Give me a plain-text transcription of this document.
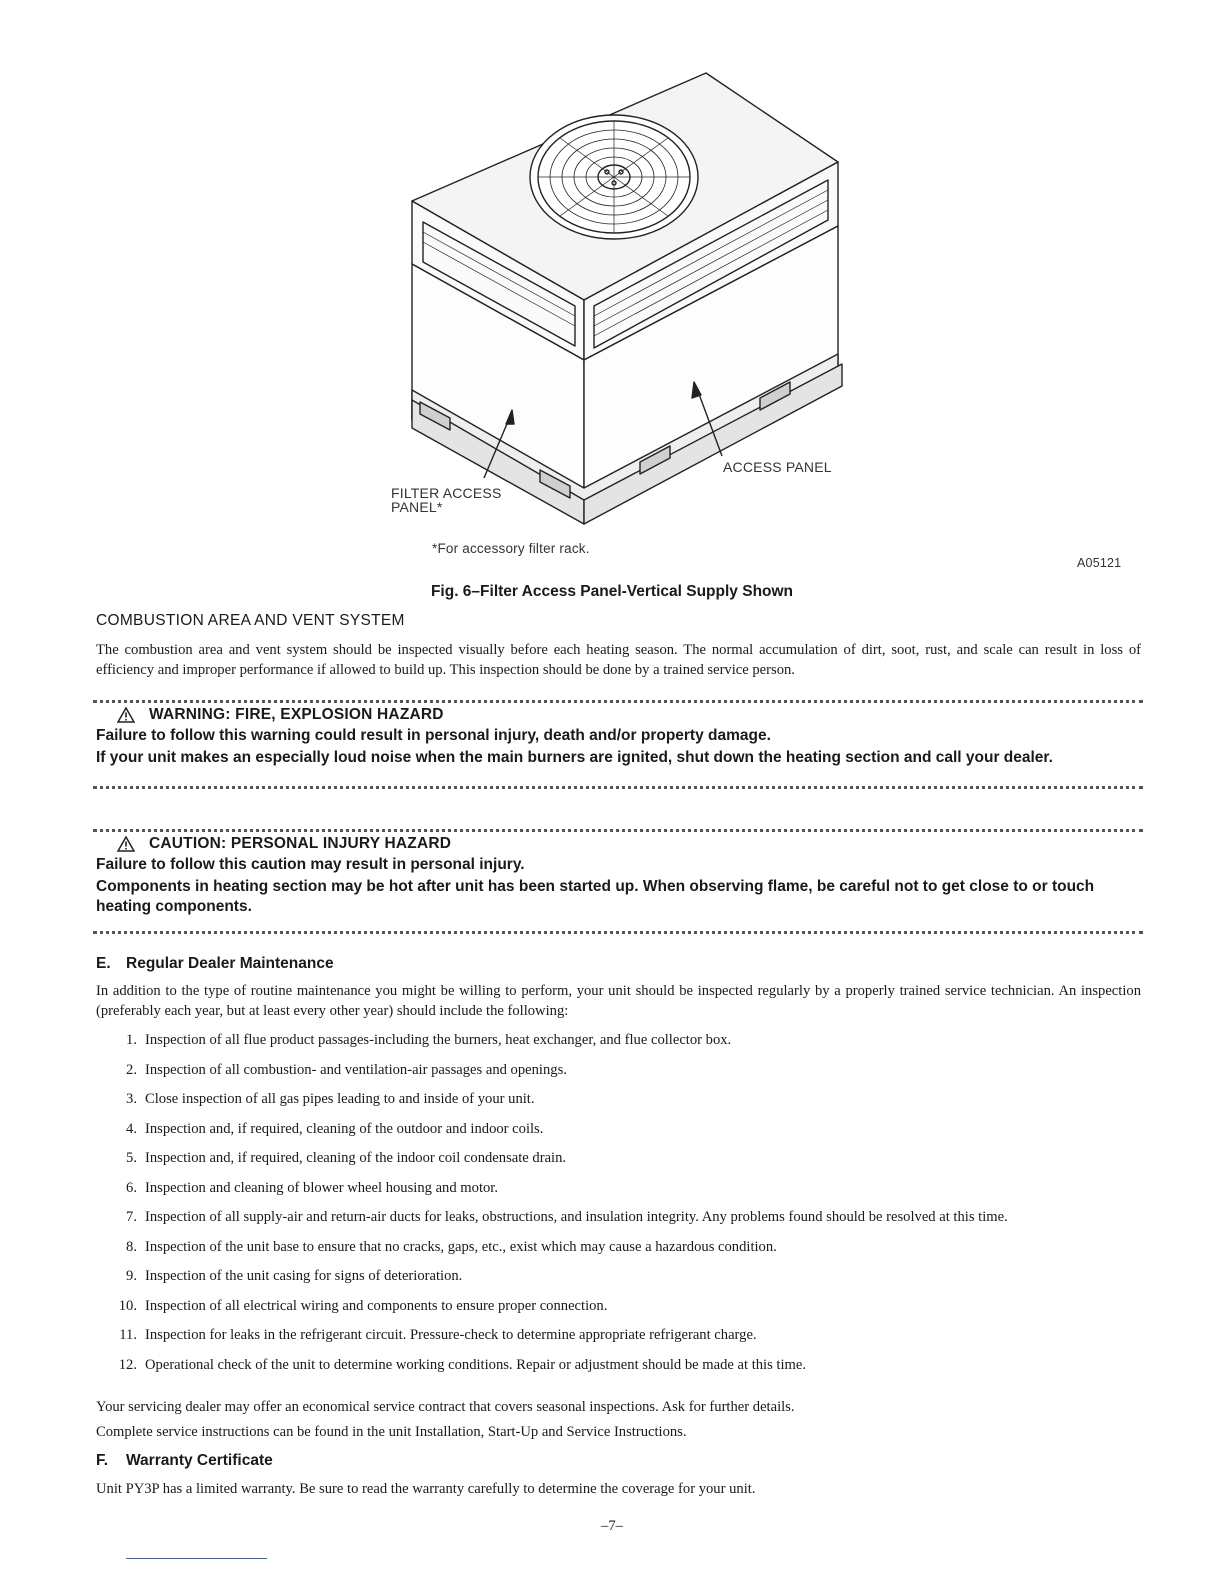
ACCESS PANEL
FILTER ACCESS
PANEL*
*For accessory filter rack.
A05121
Fig. 6–Filter Access Panel-Vertical Supply Shown
COMBUSTION AREA AND VENT SYSTEM
The combustion area and vent system should be inspected visually before each heating season. The normal accumulation of dirt, soot, rust, and scale can result in loss of efficiency and improper performance if allowed to build up. This inspection should be done by a trained service person.
WARNING: FIRE, EXPLOSION HAZARD
Failure to follow this warning could result in personal injury, death and/or property damage.
If your unit makes an especially loud noise when the main burners are ignited, shut down the heating section and call your dealer.
CAUTION: PERSONAL INJURY HAZARD
Failure to follow this caution may result in personal injury.
Components in heating section may be hot after unit has been started up. When observing flame, be careful not to get close to or touch heating components.
E. Regular Dealer Maintenance
In addition to the type of routine maintenance you might be willing to perform, your unit should be inspected regularly by a properly trained service technician. An inspection (preferably each year, but at least every other year) should include the following:
1. Inspection of all flue product passages-including the burners, heat exchanger, and flue collector box.
2. Inspection of all combustion- and ventilation-air passages and openings.
3. Close inspection of all gas pipes leading to and inside of your unit.
4. Inspection and, if required, cleaning of the outdoor and indoor coils.
5. Inspection and, if required, cleaning of the indoor coil condensate drain.
6. Inspection and cleaning of blower wheel housing and motor.
7. Inspection of all supply-air and return-air ducts for leaks, obstructions, and insulation integrity. Any problems found should be resolved at this time.
8. Inspection of the unit base to ensure that no cracks, gaps, etc., exist which may cause a hazardous condition.
9. Inspection of the unit casing for signs of deterioration.
10. Inspection of all electrical wiring and components to ensure proper connection.
11. Inspection for leaks in the refrigerant circuit. Pressure-check to determine appropriate refrigerant charge.
12. Operational check of the unit to determine working conditions. Repair or adjustment should be made at this time.
Your servicing dealer may offer an economical service contract that covers seasonal inspections. Ask for further details.
Complete service instructions can be found in the unit Installation, Start-Up and Service Instructions.
F. Warranty Certificate
Unit PY3P has a limited warranty. Be sure to read the warranty carefully to determine the coverage for your unit.
–7–
